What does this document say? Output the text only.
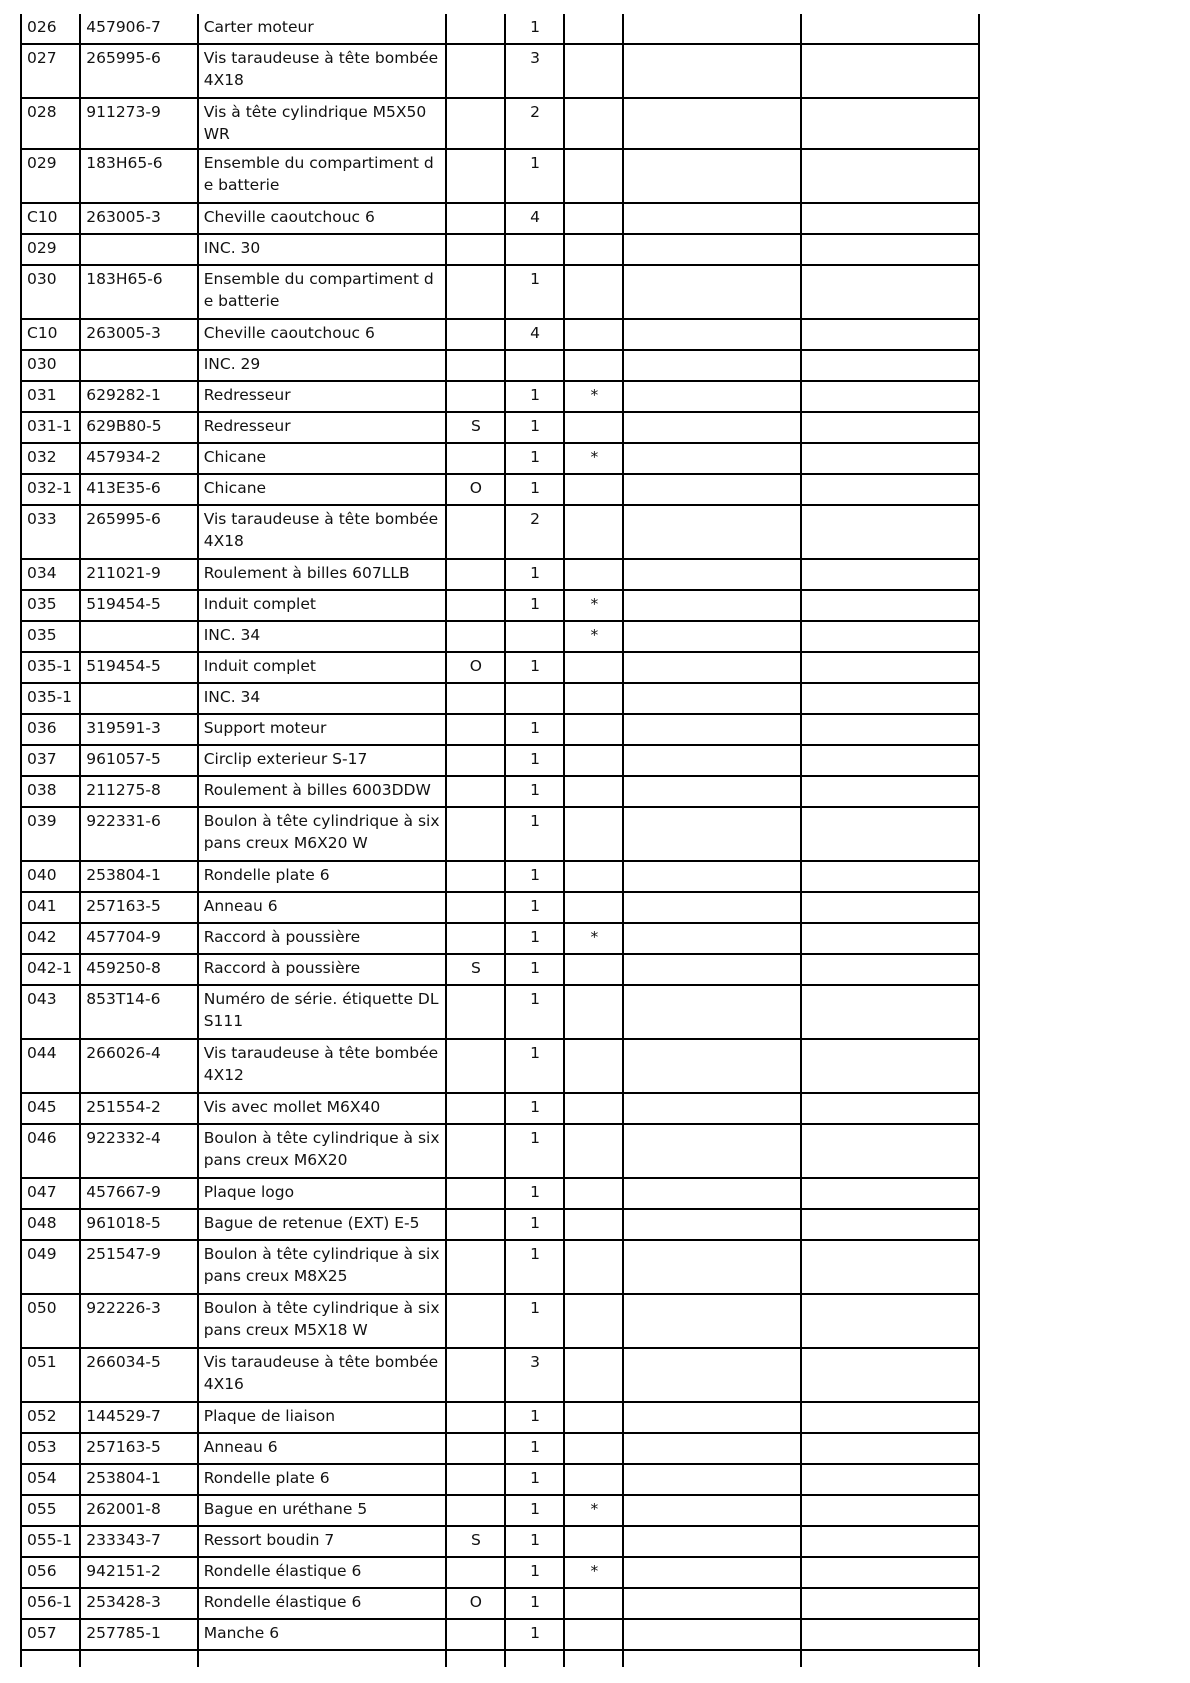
026	457906-7	Carter moteur		1			
027	265995-6	Vis taraudeuse à tête bombée 4X18		3			
028	911273-9	Vis à tête cylindrique M5X50 WR		2			
029	183H65-6	Ensemble du compartiment de batterie		1			
C10	263005-3	Cheville caoutchouc 6		4			
029		INC. 30					
030	183H65-6	Ensemble du compartiment de batterie		1			
C10	263005-3	Cheville caoutchouc 6		4			
030		INC. 29					
031	629282-1	Redresseur		1	*		
031-1	629B80-5	Redresseur	S	1			
032	457934-2	Chicane		1	*		
032-1	413E35-6	Chicane	O	1			
033	265995-6	Vis taraudeuse à tête bombée 4X18		2			
034	211021-9	Roulement à billes 607LLB		1			
035	519454-5	Induit complet		1	*		
035		INC. 34			*		
035-1	519454-5	Induit complet	O	1			
035-1		INC. 34					
036	319591-3	Support moteur		1			
037	961057-5	Circlip exterieur S-17		1			
038	211275-8	Roulement à billes 6003DDW		1			
039	922331-6	Boulon à tête cylindrique à six pans creux M6X20 W		1			
040	253804-1	Rondelle plate 6		1			
041	257163-5	Anneau 6		1			
042	457704-9	Raccord à poussière		1	*		
042-1	459250-8	Raccord à poussière	S	1			
043	853T14-6	Numéro de série. étiquette DLS111		1			
044	266026-4	Vis taraudeuse à tête bombée 4X12		1			
045	251554-2	Vis avec mollet M6X40		1			
046	922332-4	Boulon à tête cylindrique à six pans creux M6X20		1			
047	457667-9	Plaque logo		1			
048	961018-5	Bague de retenue (EXT) E-5		1			
049	251547-9	Boulon à tête cylindrique à six pans creux M8X25		1			
050	922226-3	Boulon à tête cylindrique à six pans creux M5X18 W		1			
051	266034-5	Vis taraudeuse à tête bombée 4X16		3			
052	144529-7	Plaque de liaison		1			
053	257163-5	Anneau 6		1			
054	253804-1	Rondelle plate 6		1			
055	262001-8	Bague en uréthane 5		1	*		
055-1	233343-7	Ressort boudin 7	S	1			
056	942151-2	Rondelle élastique 6		1	*		
056-1	253428-3	Rondelle élastique 6	O	1			
057	257785-1	Manche 6		1			
